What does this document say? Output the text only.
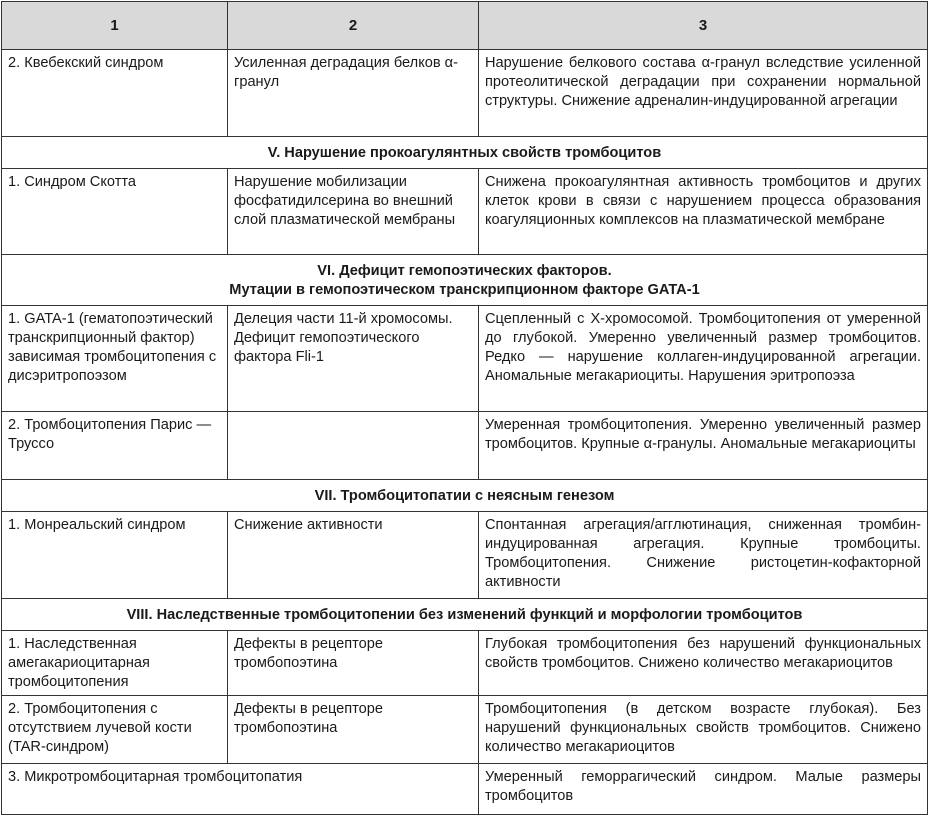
1	2	3
2. Квебекский синдром	Усиленная деградация белков α-гранул	Нарушение белкового состава α-гранул вследствие усиленной протеолитической деградации при сохранении нормальной структуры. Снижение адреналин-индуцированной агрегации

V. Нарушение прокоагулянтных свойств тромбоцитов		

1. Синдром Скотта	Нарушение мобилизации фосфатидилсерина во внешний слой плазматической мембраны	Снижена прокоагулянтная активность тромбоцитов и других клеток крови в связи с нарушением процесса образования коагуляционных комплексов на плазматической мембране

VI. Дефицит гемопоэтических факторов.
Мутации в гемопоэтическом транскрипционном факторе GATA-1		

1. GATA-1 (гематопоэтический транскрипционный фактор) зависимая тромбоцитопения с дисэритропоэзом	Делеция части 11-й хромосомы. Дефицит гемопоэтического фактора Fli-1	Сцепленный с X-хромосомой. Тромбоцитопения от умеренной до глубокой. Умеренно увеличенный размер тромбоцитов. Редко — нарушение коллаген-индуцированной агрегации. Аномальные мегакариоциты. Нарушения эритропоэза
2. Тромбоцитопения Парис — Труссо		Умеренная тромбоцитопения. Умеренно увеличенный размер тромбоцитов. Крупные α-гранулы. Аномальные мегакариоциты

VII. Тромбоцитопатии с неясным генезом		

1. Монреальский синдром	Снижение активности	Спонтанная агрегация/агглютинация, сниженная тромбин-индуцированная агрегация. Крупные тромбоциты. Тромбоцитопения. Снижение ристоцетин-кофакторной активности

VIII. Наследственные тромбоцитопении без изменений функций и морфологии тромбоцитов		

1. Наследственная амегакариоцитарная тромбоцитопения	Дефекты в рецепторе тромбопоэтина	Глубокая тромбоцитопения без нарушений функциональных свойств тромбоцитов. Снижено количество мегакариоцитов
2. Тромбоцитопения с отсутствием лучевой кости (TAR-синдром)	Дефекты в рецепторе тромбопоэтина	Тромбоцитопения (в детском возрасте глубокая). Без нарушений функциональных свойств тромбоцитов. Снижено количество мегакариоцитов
3. Микротромбоцитарная тромбоцитопатия		Умеренный геморрагический синдром. Малые размеры тромбоцитов
